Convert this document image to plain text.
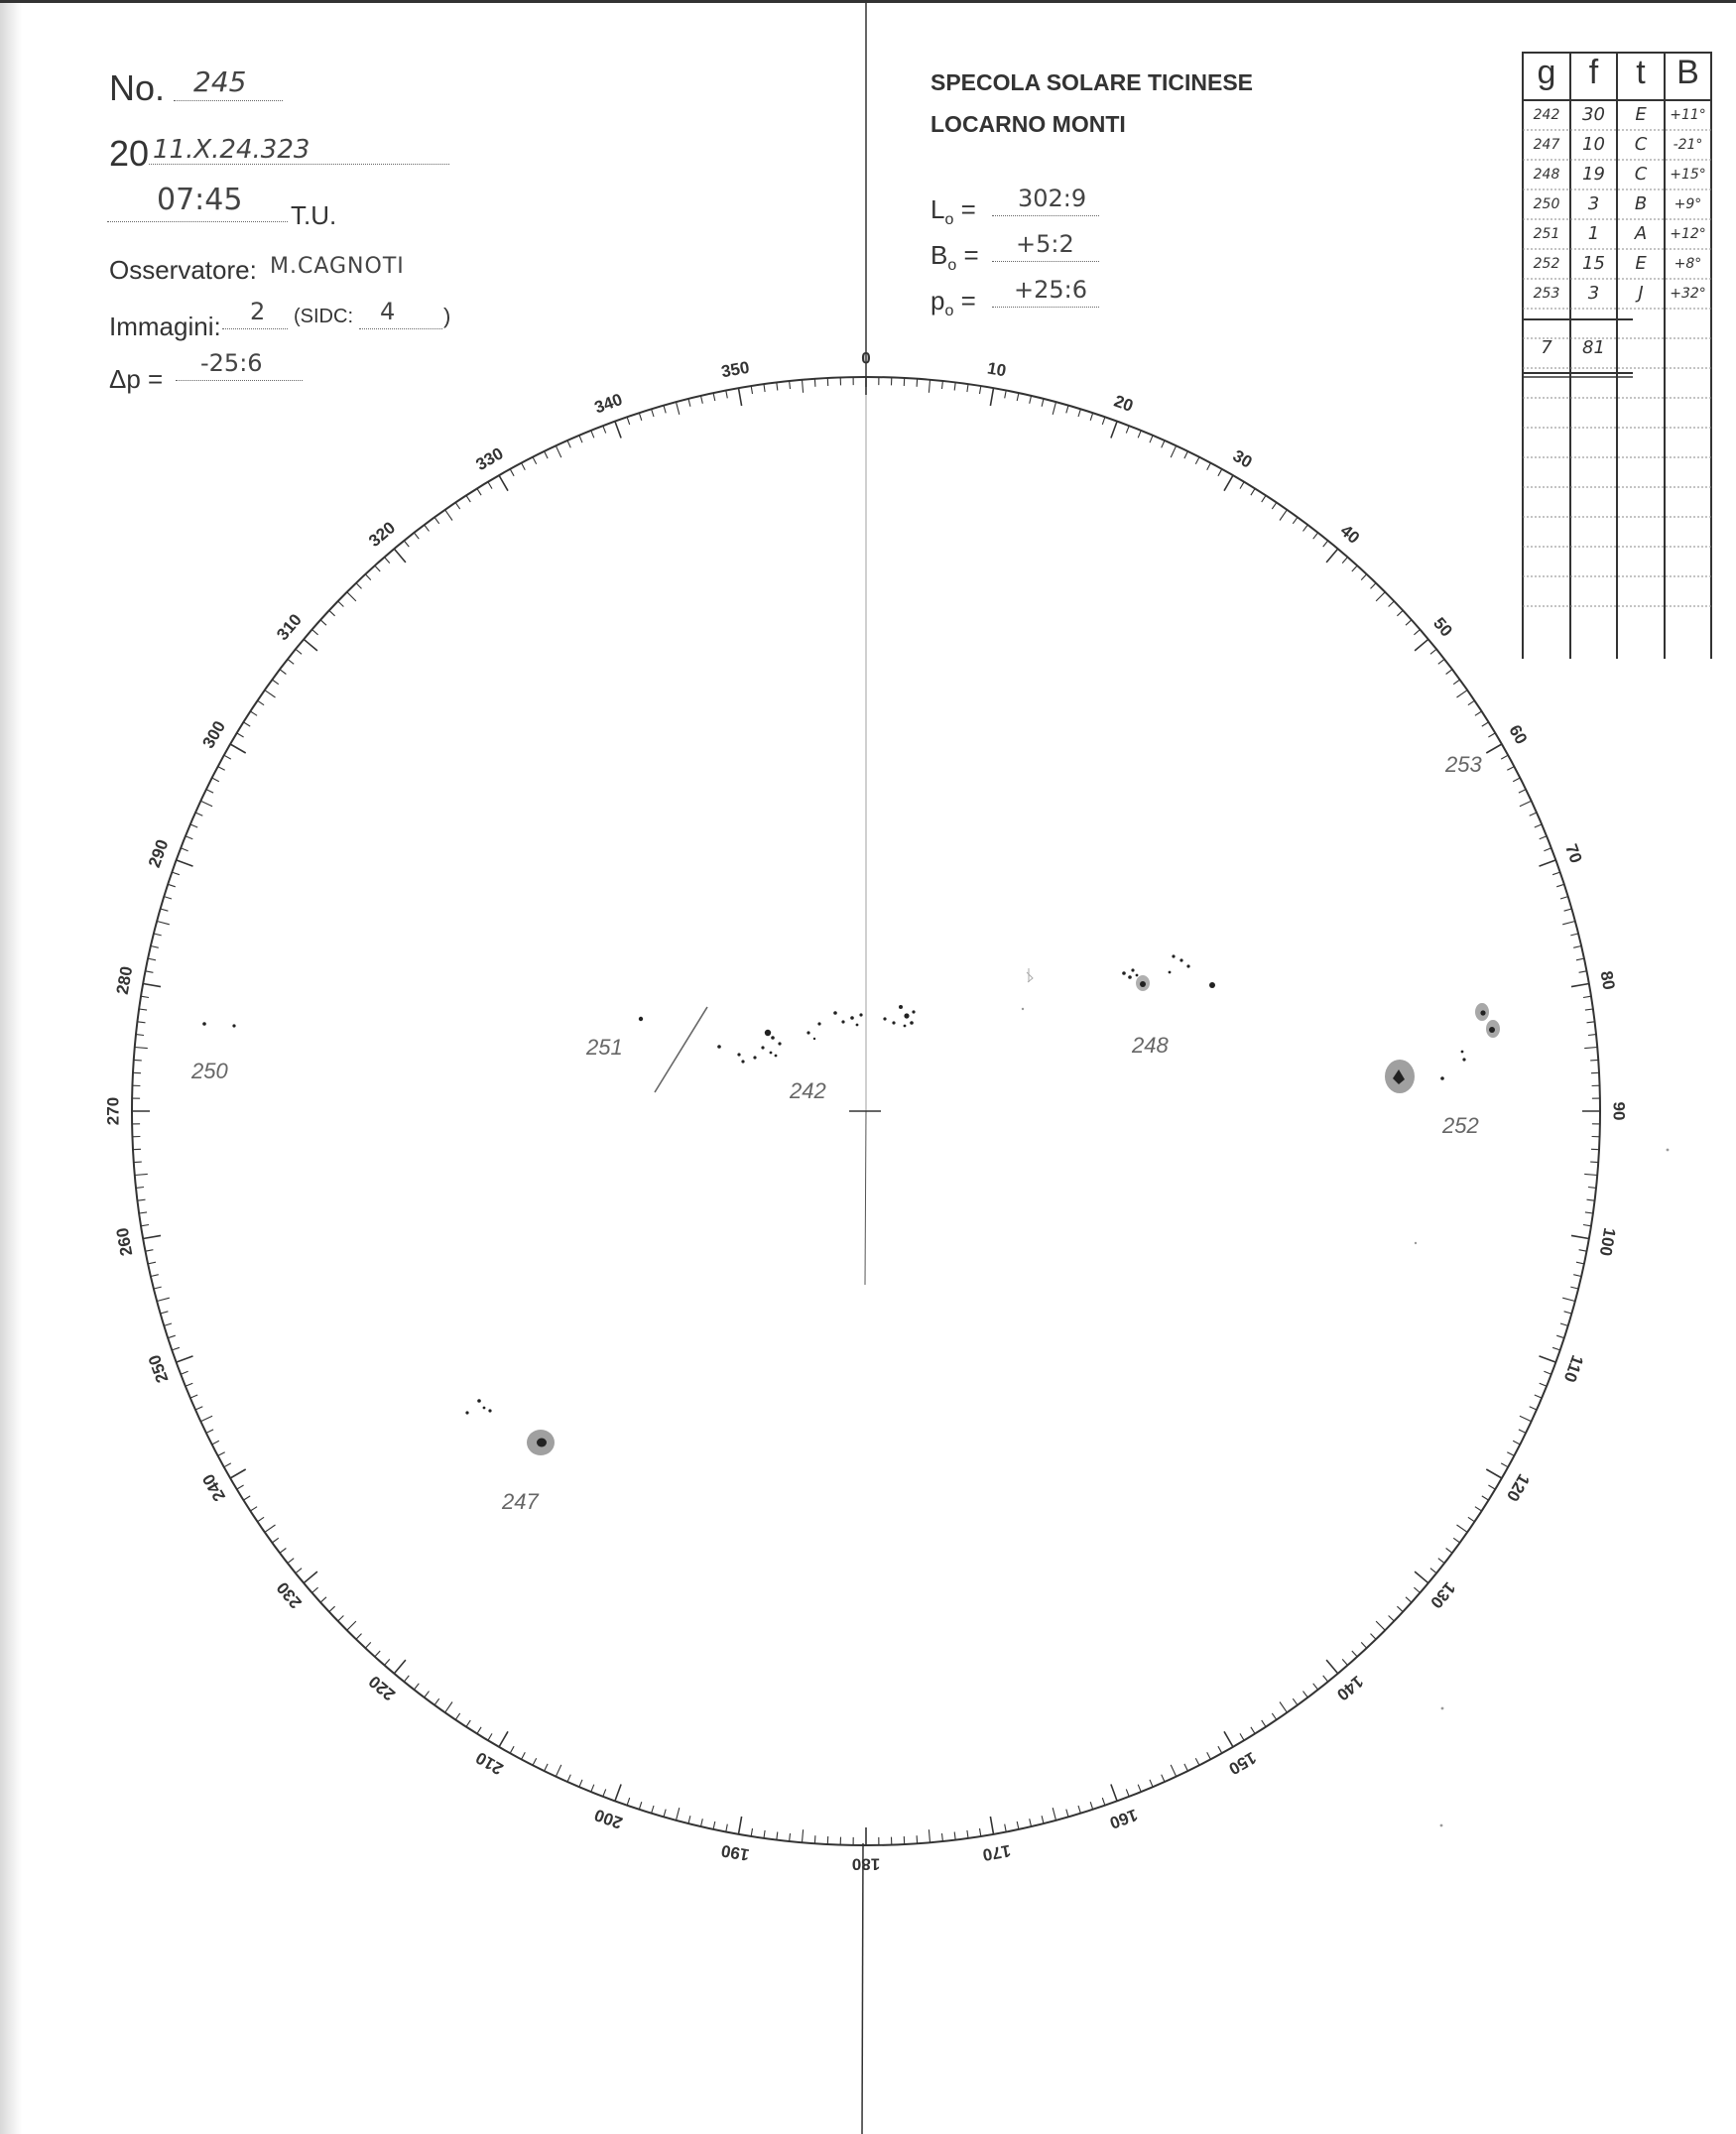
No. 245
20 11.Ⅹ.24.323
07:45 T.U.
Osservatore: M.CAGNOTI
Immagini: 2 (SIDC: 4 )
Δp =
-25:6
SPECOLA SOLARE TICINESE
LOCARNO MONTI
$L_o$ = 302:9
$B_o$ = +5:2
$p_o$ = +25:6
g f	t B
242	30	E	+11°
247	10	C	-21°
248	19	C	+15°
250	3	B	+9°
251	1	A	+12°
252	15	E	+8°
253	3	J	+32°
7	81
0
10
20
30
40
50
60
70
80
90
100
110
120
130
140
150
160
170
180
190
200
210
220
230
240
250
260
270
280
290
300
310
320
330
340
350
242
247
248
250
251
252
253
